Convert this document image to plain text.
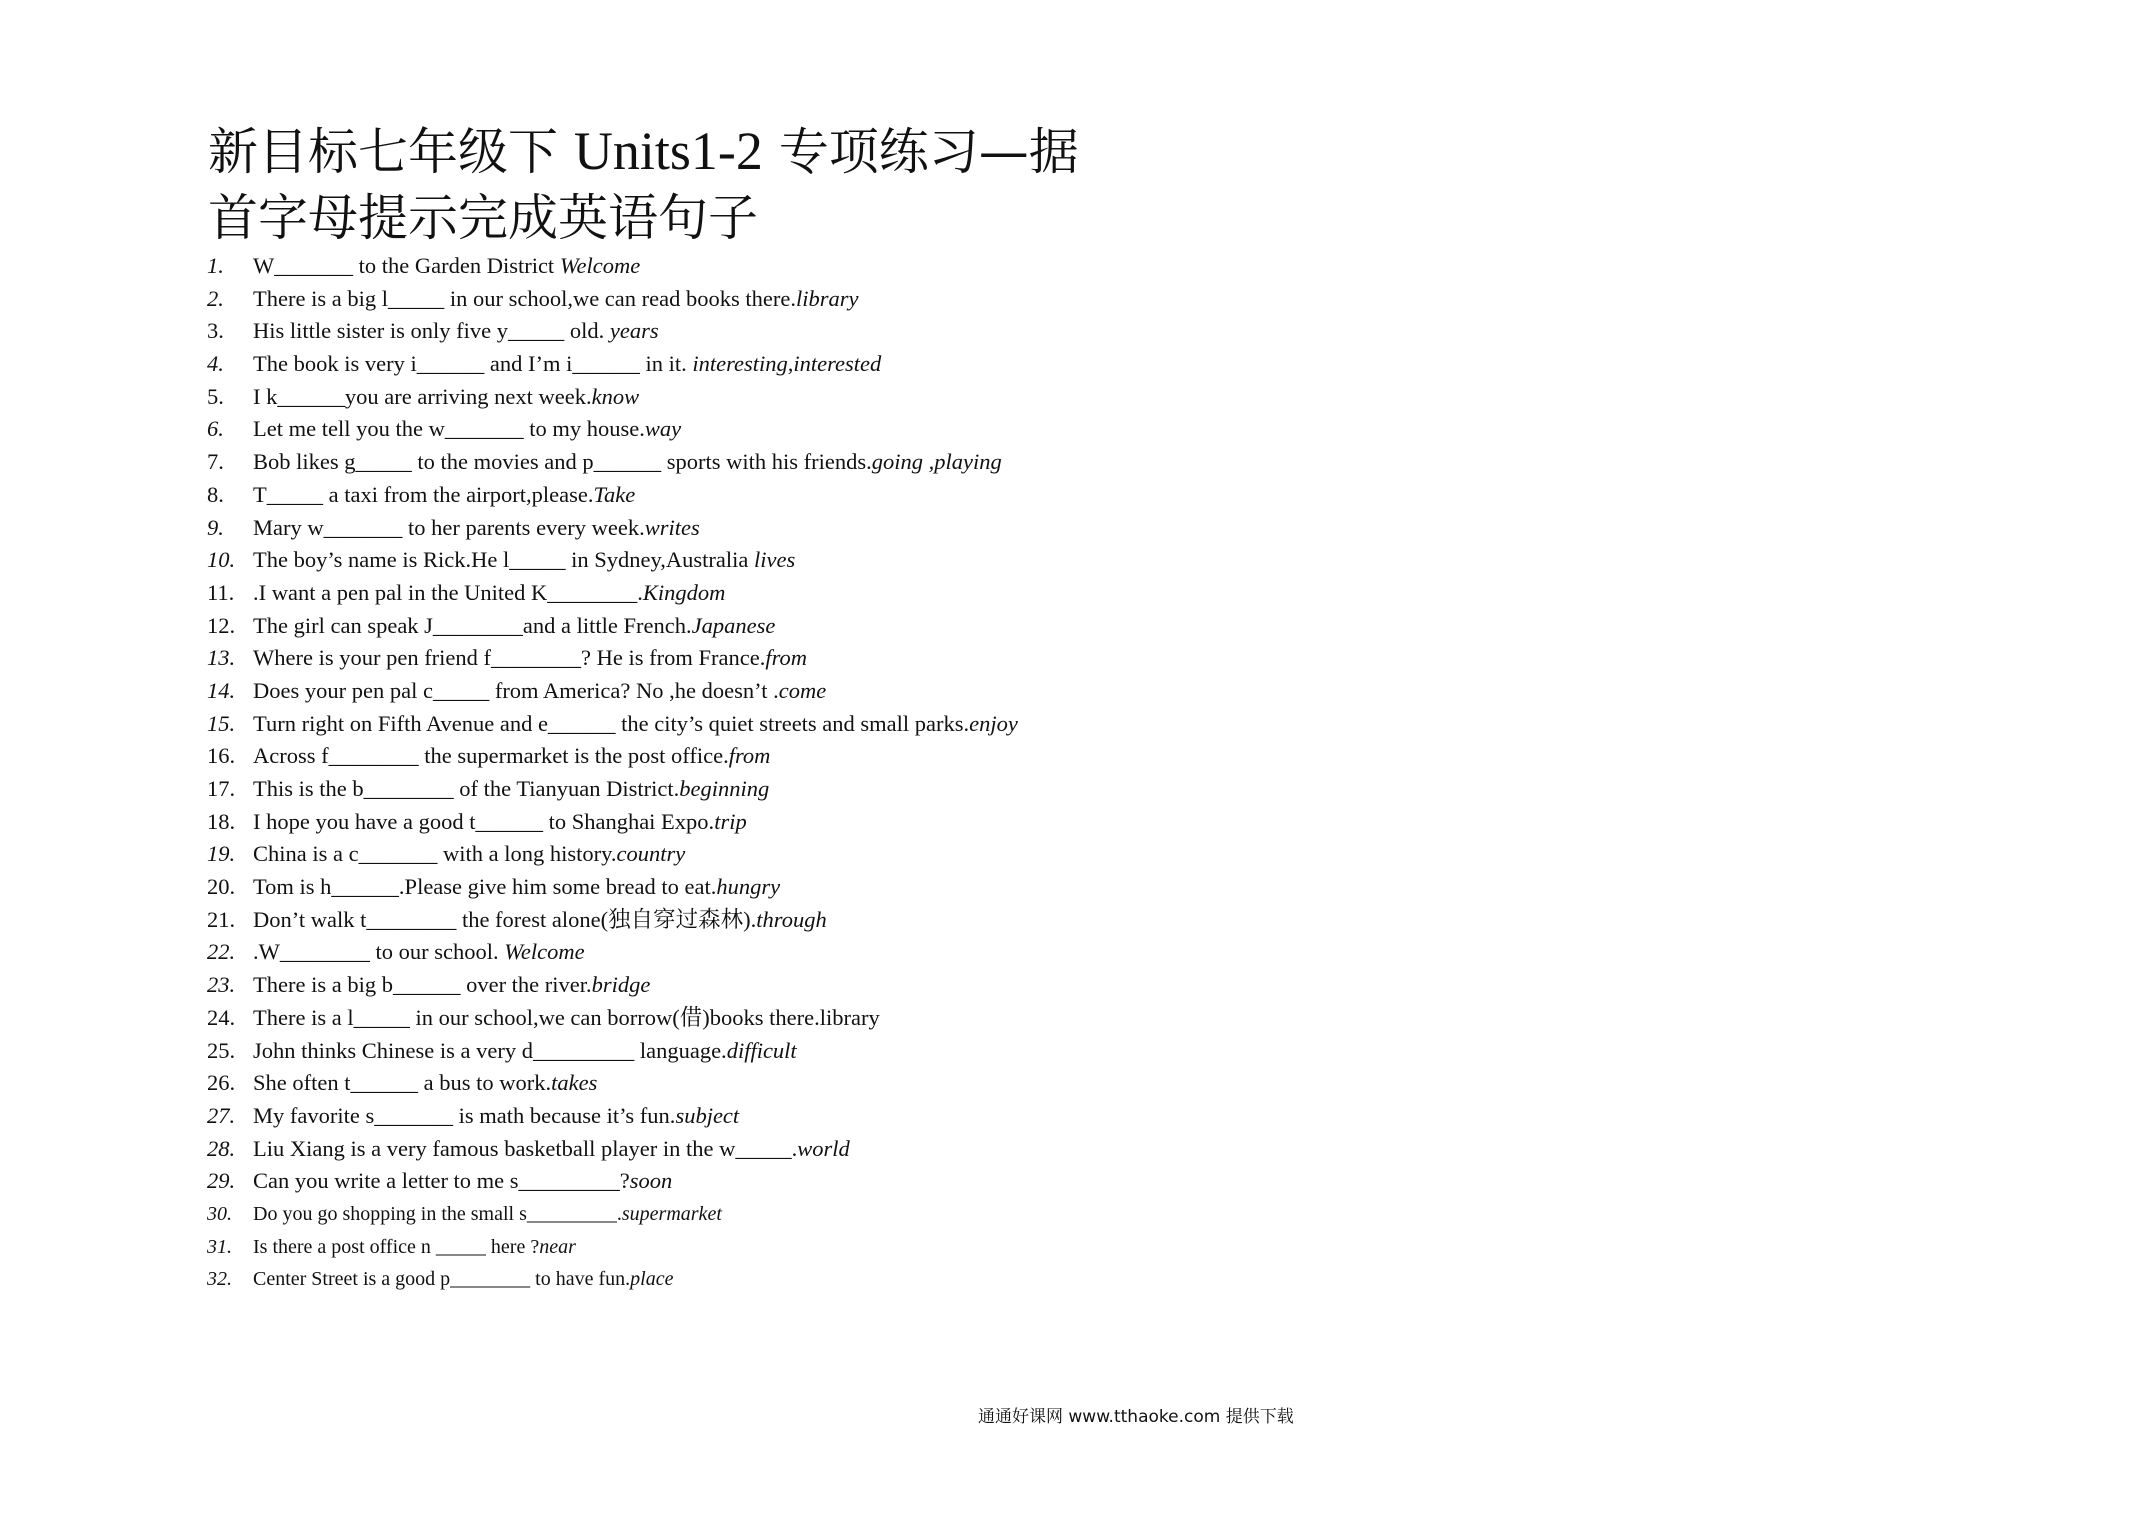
新目标七年级下 Units1-2 专项练习—据
首字母提示完成英语句子
1. W_______ to the Garden District Welcome
2. There is a big l_____ in our school,we can read books there.library
3. His little sister is only five y_____ old. years
4. The book is very i______ and I’m i______ in it. interesting,interested
5. I k______you are arriving next week.know
6. Let me tell you the w_______ to my house.way
7. Bob likes g_____ to the movies and p______ sports with his friends.going ,playing
8. T_____ a taxi from the airport,please.Take
9. Mary w_______ to her parents every week.writes
10. The boy’s name is Rick.He l_____ in Sydney,Australia lives
11. .I want a pen pal in the United K________.Kingdom
12. The girl can speak J________and a little French.Japanese
13. Where is your pen friend f________? He is from France.from
14. Does your pen pal c_____ from America? No ,he doesn’t .come
15. Turn right on Fifth Avenue and e______ the city’s quiet streets and small parks.enjoy
16. Across f________ the supermarket is the post office.from
17. This is the b________ of the Tianyuan District.beginning
18. I hope you have a good t______ to Shanghai Expo.trip
19. China is a c_______ with a long history.country
20. Tom is h______.Please give him some bread to eat.hungry
21. Don’t walk t________ the forest alone(独自穿过森林).through
22. .W________ to our school. Welcome
23. There is a big b______ over the river.bridge
24. There is a l_____ in our school,we can borrow(借)books there.library
25. John thinks Chinese is a very d_________ language.difficult
26. She often t______ a bus to work.takes
27. My favorite s_______ is math because it’s fun.subject
28. Liu Xiang is a very famous basketball player in the w_____.world
29. Can you write a letter to me s_________?soon
30. Do you go shopping in the small s_________.supermarket
31. Is there a post office n _____ here ?near
32. Center Street is a good p________ to have fun.place
通通好课网 www.tthaoke.com 提供下载
